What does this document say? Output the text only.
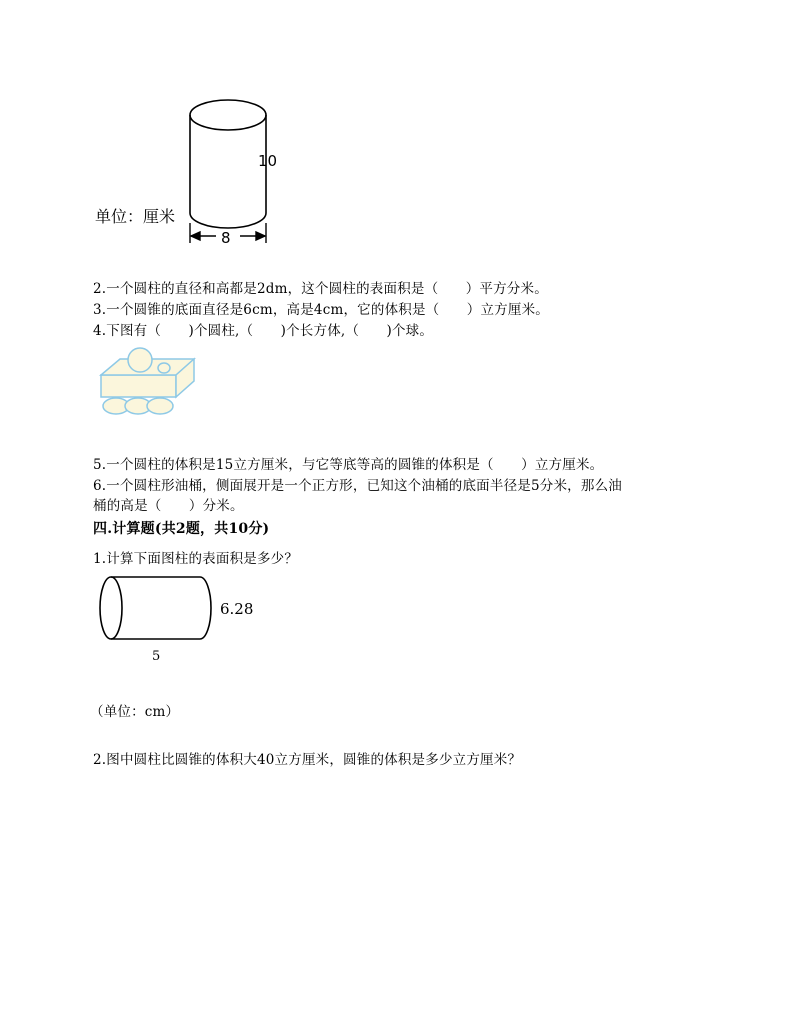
10
单位：厘米
8
2.一个圆柱的直径和高都是2dm，这个圆柱的表面积是（　　）平方分米。
3.一个圆锥的底面直径是6cm，高是4cm，它的体积是（　　）立方厘米。
4.下图有（　　)个圆柱,（　　)个长方体,（　　)个球。
5.一个圆柱的体积是15立方厘米，与它等底等高的圆锥的体积是（　　）立方厘米。
6.一个圆柱形油桶，侧面展开是一个正方形，已知这个油桶的底面半径是5分米，那么油
桶的高是（　　）分米。
四.计算题(共2题，共10分)
1.计算下面图柱的表面积是多少？
6.28
5
（单位：cm）
2.图中圆柱比圆锥的体积大40立方厘米，圆锥的体积是多少立方厘米？
